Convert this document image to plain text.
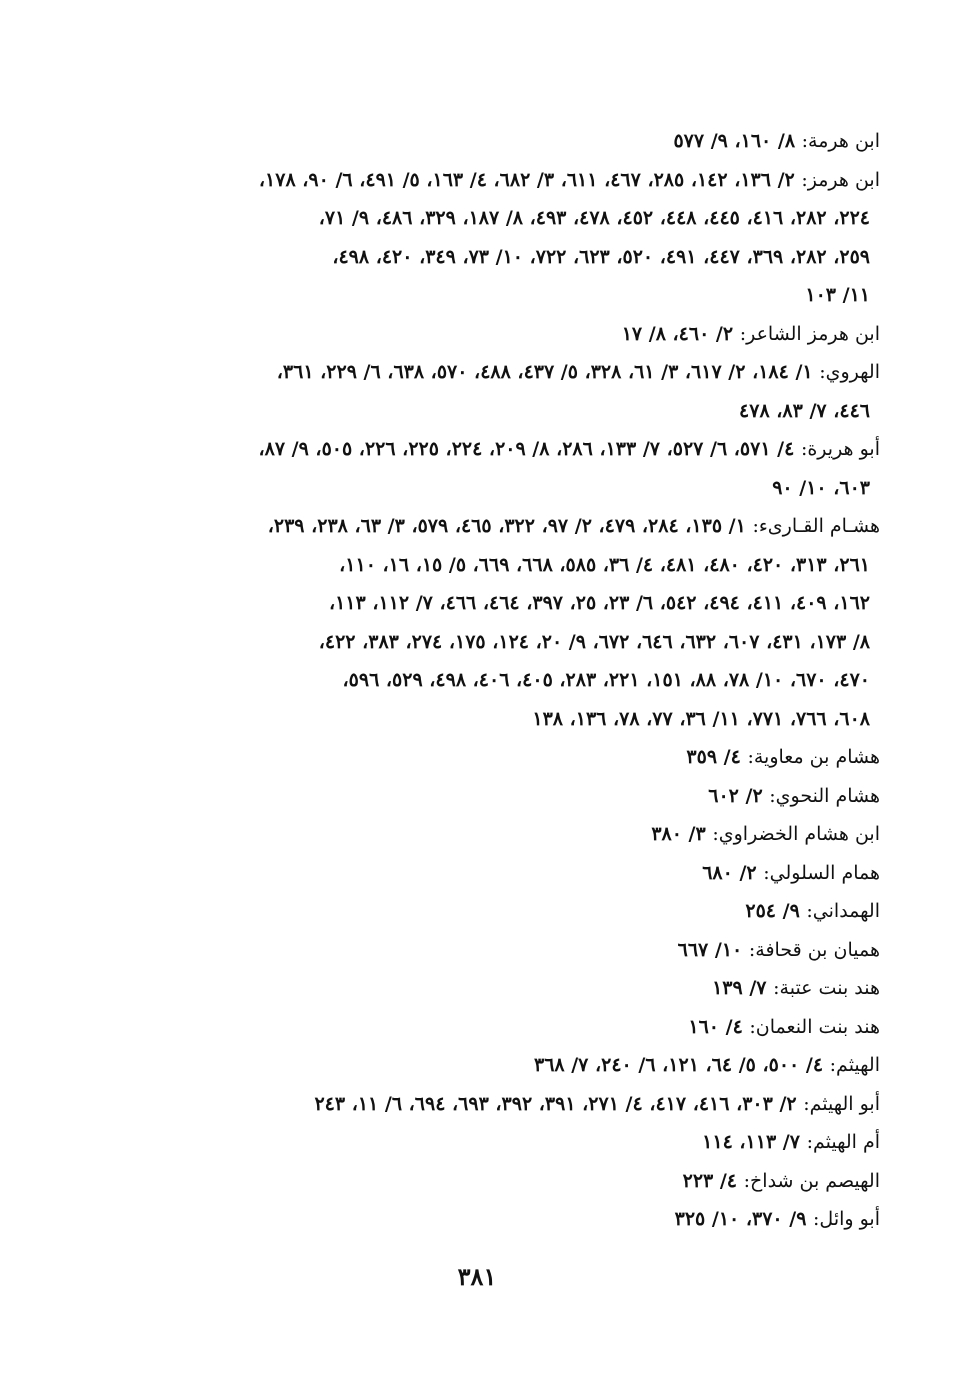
ابن هرمة: ٨/ ١٦٠، ٩/ ٥٧٧
ابن هرمز: ٢/ ١٣٦، ١٤٢، ٢٨٥، ٤٦٧، ٦١١، ٣/ ٦٨٢، ٤/ ١٦٣، ٥/ ٤٩١، ٦/ ٩٠، ١٧٨،
٢٢٤، ٢٨٢، ٤١٦، ٤٤٥، ٤٤٨، ٤٥٢، ٤٧٨، ٤٩٣، ٨/ ١٨٧، ٣٢٩، ٤٨٦، ٩/ ٧١،
٢٥٩، ٢٨٢، ٣٦٩، ٤٤٧، ٤٩١، ٥٢٠، ٦٢٣، ٧٢٢، ١٠/ ٧٣، ٣٤٩، ٤٢٠، ٤٩٨،
١١/ ١٠٣
ابن هرمز الشاعر: ٢/ ٤٦٠، ٨/ ١٧
الهروي: ١/ ١٨٤، ٢/ ٦١٧، ٣/ ٦١، ٣٢٨، ٥/ ٤٣٧، ٤٨٨، ٥٧٠، ٦٣٨، ٦/ ٢٢٩، ٣٦١،
٤٤٦، ٧/ ٨٣، ٤٧٨
أبو هريرة: ٤/ ٥٧١، ٦/ ٥٢٧، ٧/ ١٣٣، ٢٨٦، ٨/ ٢٠٩، ٢٢٤، ٢٢٥، ٢٢٦، ٥٠٥، ٩/ ٨٧،
٦٠٣، ١٠/ ٩٠
هشـام القـارىء: ١/ ١٣٥، ٢٨٤، ٤٧٩، ٢/ ٩٧، ٣٢٢، ٤٦٥، ٥٧٩، ٣/ ٦٣، ٢٣٨، ٢٣٩،
٢٦١، ٣١٣، ٤٢٠، ٤٨٠، ٤٨١، ٤/ ٣٦، ٥٨٥، ٦٦٨، ٦٦٩، ٥/ ١٥، ١٦، ١١٠،
١٦٢، ٤٠٩، ٤١١، ٤٩٤، ٥٤٢، ٦/ ٢٣، ٢٥، ٣٩٧، ٤٦٤، ٤٦٦، ٧/ ١١٢، ١١٣،
٨/ ١٧٣، ٤٣١، ٦٠٧، ٦٣٢، ٦٤٦، ٦٧٢، ٩/ ٢٠، ١٢٤، ١٧٥، ٢٧٤، ٣٨٣، ٤٢٢،
٤٧٠، ٦٧٠، ١٠/ ٧٨، ٨٨، ١٥١، ٢٢١، ٢٨٣، ٤٠٥، ٤٠٦، ٤٩٨، ٥٢٩، ٥٩٦،
٦٠٨، ٧٦٦، ٧٧١، ١١/ ٣٦، ٧٧، ٧٨، ١٣٦، ١٣٨
هشام بن معاوية: ٤/ ٣٥٩
هشام النحوي: ٢/ ٦٠٢
ابن هشام الخضراوي: ٣/ ٣٨٠
همام السلولي: ٢/ ٦٨٠
الهمداني: ٩/ ٢٥٤
هميان بن قحافة: ١٠/ ٦٦٧
هند بنت عتبة: ٧/ ١٣٩
هند بنت النعمان: ٤/ ١٦٠
الهيثم: ٤/ ٥٠٠، ٥/ ٦٤، ١٢١، ٦/ ٢٤٠، ٧/ ٣٦٨
أبو الهيثم: ٢/ ٣٠٣، ٤١٦، ٤١٧، ٤/ ٢٧١، ٣٩١، ٣٩٢، ٦٩٣، ٦٩٤، ٦/ ١١، ٢٤٣
أم الهيثم: ٧/ ١١٣، ١١٤
الهيصم بن شداخ: ٤/ ٢٢٣
أبو وائل: ٩/ ٣٧٠، ١٠/ ٣٢٥
٣٨١
